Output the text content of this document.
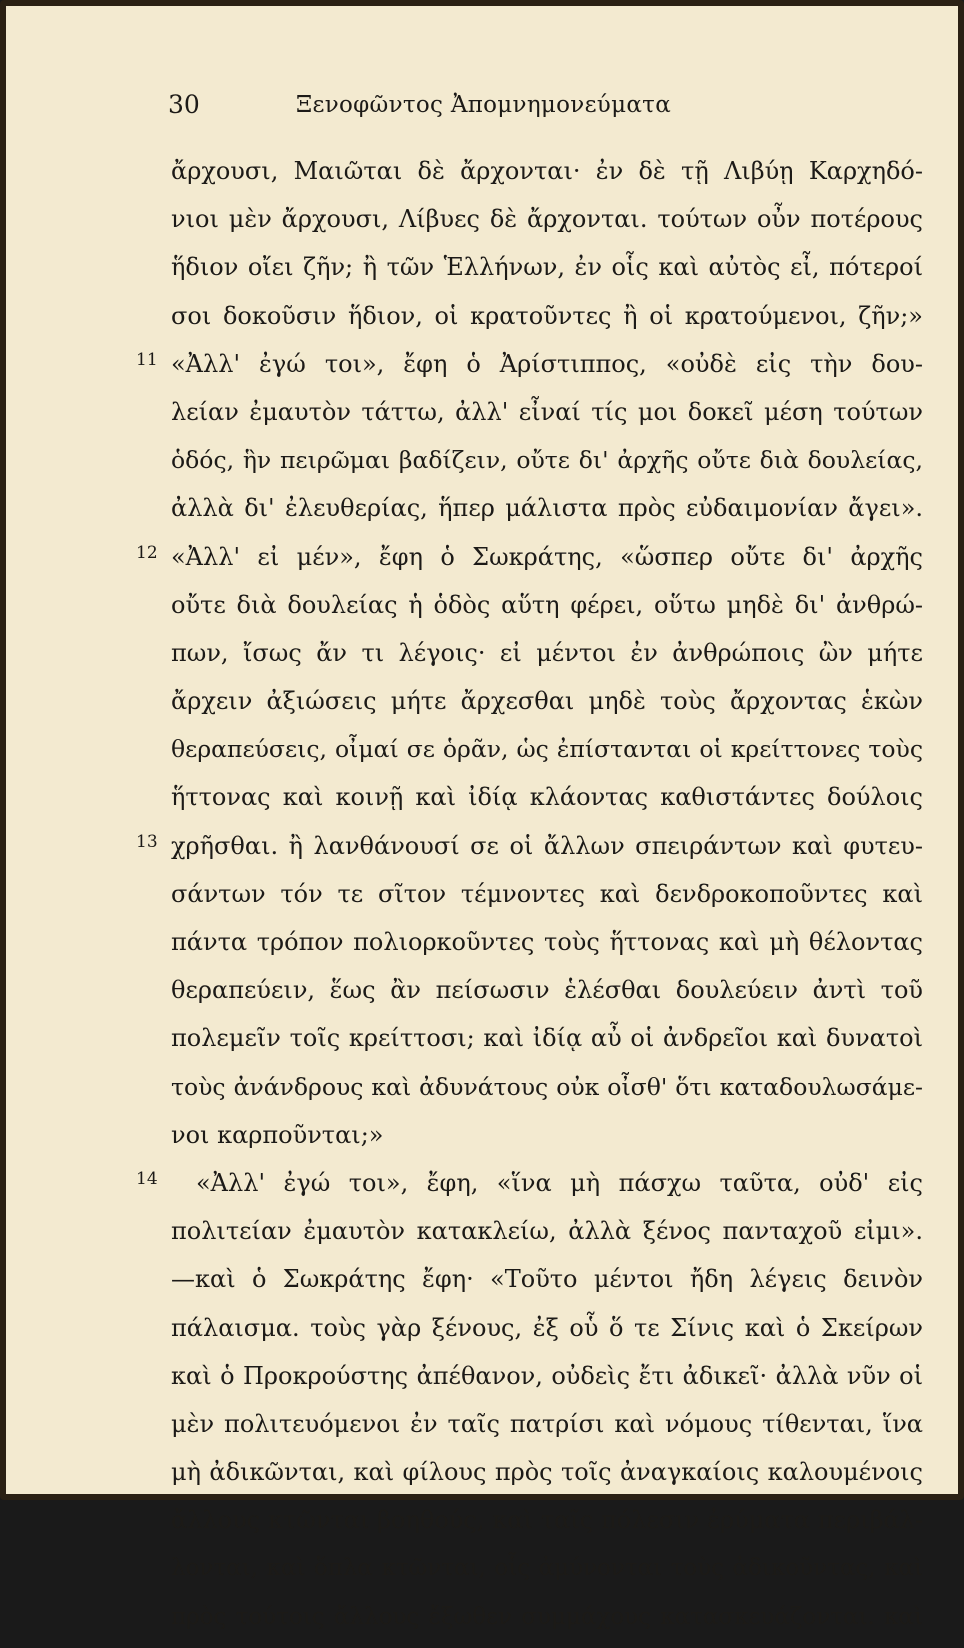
30	Ξενοφῶντος Ἀπομνημονεύματα
ἄρχουσι, Μαιῶται δὲ ἄρχονται· ἐν δὲ τῇ Λιβύῃ Καρχηδό-
νιοι μὲν ἄρχουσι, Λίβυες δὲ ἄρχονται. τούτων οὖν ποτέρους
ἥδιον οἴει ζῆν; ἢ τῶν Ἑλλήνων, ἐν οἷς καὶ αὐτὸς εἶ, πότεροί
σοι δοκοῦσιν ἥδιον, οἱ κρατοῦντες ἢ οἱ κρατούμενοι, ζῆν;»
11 «Ἀλλ' ἐγώ τοι», ἔφη ὁ Ἀρίστιππος, «οὐδὲ εἰς τὴν δου-
λείαν ἐμαυτὸν τάττω, ἀλλ' εἶναί τίς μοι δοκεῖ μέση τούτων
ὁδός, ἣν πειρῶμαι βαδίζειν, οὔτε δι' ἀρχῆς οὔτε διὰ δουλείας,
ἀλλὰ δι' ἐλευθερίας, ἥπερ μάλιστα πρὸς εὐδαιμονίαν ἄγει».
12 «Ἀλλ' εἰ μέν», ἔφη ὁ Σωκράτης, «ὥσπερ οὔτε δι' ἀρχῆς
οὔτε διὰ δουλείας ἡ ὁδὸς αὕτη φέρει, οὕτω μηδὲ δι' ἀνθρώ-
πων, ἴσως ἄν τι λέγοις· εἰ μέντοι ἐν ἀνθρώποις ὢν μήτε
ἄρχειν ἀξιώσεις μήτε ἄρχεσθαι μηδὲ τοὺς ἄρχοντας ἑκὼν
θεραπεύσεις, οἶμαί σε ὁρᾶν, ὡς ἐπίστανται οἱ κρείττονες τοὺς
ἥττονας καὶ κοινῇ καὶ ἰδίᾳ κλάοντας καθιστάντες δούλοις
13 χρῆσθαι. ἢ λανθάνουσί σε οἱ ἄλλων σπειράντων καὶ φυτευ-
σάντων τόν τε σῖτον τέμνοντες καὶ δενδροκοποῦντες καὶ
πάντα τρόπον πολιορκοῦντες τοὺς ἥττονας καὶ μὴ θέλοντας
θεραπεύειν, ἕως ἂν πείσωσιν ἑλέσθαι δουλεύειν ἀντὶ τοῦ
πολεμεῖν τοῖς κρείττοσι; καὶ ἰδίᾳ αὖ οἱ ἀνδρεῖοι καὶ δυνατοὶ
τοὺς ἀνάνδρους καὶ ἀδυνάτους οὐκ οἶσθ' ὅτι καταδουλωσάμε-
νοι καρποῦνται;»
14 «Ἀλλ' ἐγώ τοι», ἔφη, «ἵνα μὴ πάσχω ταῦτα, οὐδ' εἰς
πολιτείαν ἐμαυτὸν κατακλείω, ἀλλὰ ξένος πανταχοῦ εἰμι».
—καὶ ὁ Σωκράτης ἔφη· «Τοῦτο μέντοι ἤδη λέγεις δεινὸν
πάλαισμα. τοὺς γὰρ ξένους, ἐξ οὗ ὅ τε Σίνις καὶ ὁ Σκείρων
καὶ ὁ Προκρούστης ἀπέθανον, οὐδεὶς ἔτι ἀδικεῖ· ἀλλὰ νῦν οἱ
μὲν πολιτευόμενοι ἐν ταῖς πατρίσι καὶ νόμους τίθενται, ἵνα
μὴ ἀδικῶνται, καὶ φίλους πρὸς τοῖς ἀναγκαίοις καλουμένοις
ἄλλους κτῶνται βοηθούς, καὶ ταῖς πόλεσιν ἐρύματα περιβάλ-
λονται, καὶ ὅπλα κτῶνται, οἷς ἀμύνονται τοὺς ἀδικοῦντας, καὶ
πρὸς τούτοις ἄλλους ἔξωθεν συμμάχους κατασκευάζονται. καὶ
